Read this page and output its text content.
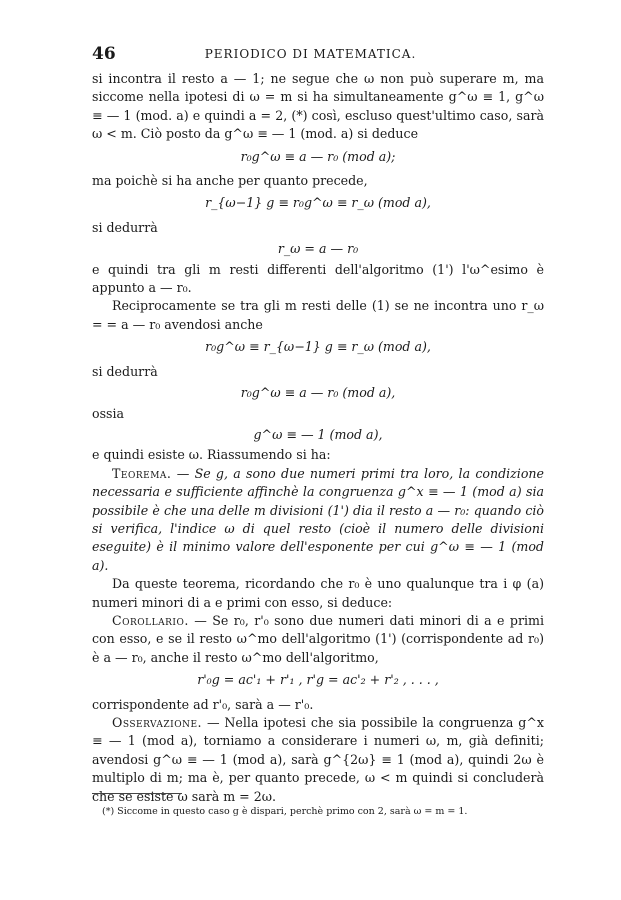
46	PERIODICO DI MATEMATICA.

si incontra il resto a — 1; ne segue che ω non può superare m, ma siccome nella ipotesi di ω = m si ha simultaneamente g^ω ≡ 1, g^ω ≡ — 1 (mod. a) e quindi a = 2, (*) così, escluso quest'ultimo caso, sarà ω < m. Ciò posto da g^ω ≡ — 1 (mod. a) si deduce

r₀g^ω ≡ a — r₀ (mod a);

ma poichè si ha anche per quanto precede,

r_{ω−1} g ≡ r₀g^ω ≡ r_ω (mod a),

si dedurrà

r_ω = a — r₀

e quindi tra gli m resti differenti dell'algoritmo (1') l'ω^esimo è appunto a — r₀.

Reciprocamente se tra gli m resti delle (1) se ne incontra uno r_ω = = a — r₀ avendosi anche

r₀g^ω ≡ r_{ω−1} g ≡ r_ω (mod a),

si dedurrà

r₀g^ω ≡ a — r₀ (mod a),

ossia

g^ω ≡ — 1 (mod a),

e quindi esiste ω. Riassumendo si ha:

Teorema. — Se g, a sono due numeri primi tra loro, la condizione necessaria e sufficiente affinchè la congruenza g^x ≡ — 1 (mod a) sia possibile è che una delle m divisioni (1') dia il resto a — r₀: quando ciò si verifica, l'indice ω di quel resto (cioè il numero delle divisioni eseguite) è il minimo valore dell'esponente per cui g^ω ≡ — 1 (mod a).

Da queste teorema, ricordando che r₀ è uno qualunque tra i φ (a) numeri minori di a e primi con esso, si deduce:

Corollario. — Se r₀, r'₀ sono due numeri dati minori di a e primi con esso, e se il resto ω^mo dell'algoritmo (1') (corrispondente ad r₀) è a — r₀, anche il resto ω^mo dell'algoritmo,

r'₀g = ac'₁ + r'₁ , r'g = ac'₂ + r'₂ , . . . ,

corrispondente ad r'₀, sarà a — r'₀.

Osservazione. — Nella ipotesi che sia possibile la congruenza g^x ≡ — 1 (mod a), torniamo a considerare i numeri ω, m, già definiti; avendosi g^ω ≡ — 1 (mod a), sarà g^{2ω} ≡ 1 (mod a), quindi 2ω è multiplo di m; ma è, per quanto precede, ω < m quindi si concluderà che se esiste ω sarà m = 2ω.

(*) Siccome in questo caso g è dispari, perchè primo con 2, sarà ω = m = 1.
